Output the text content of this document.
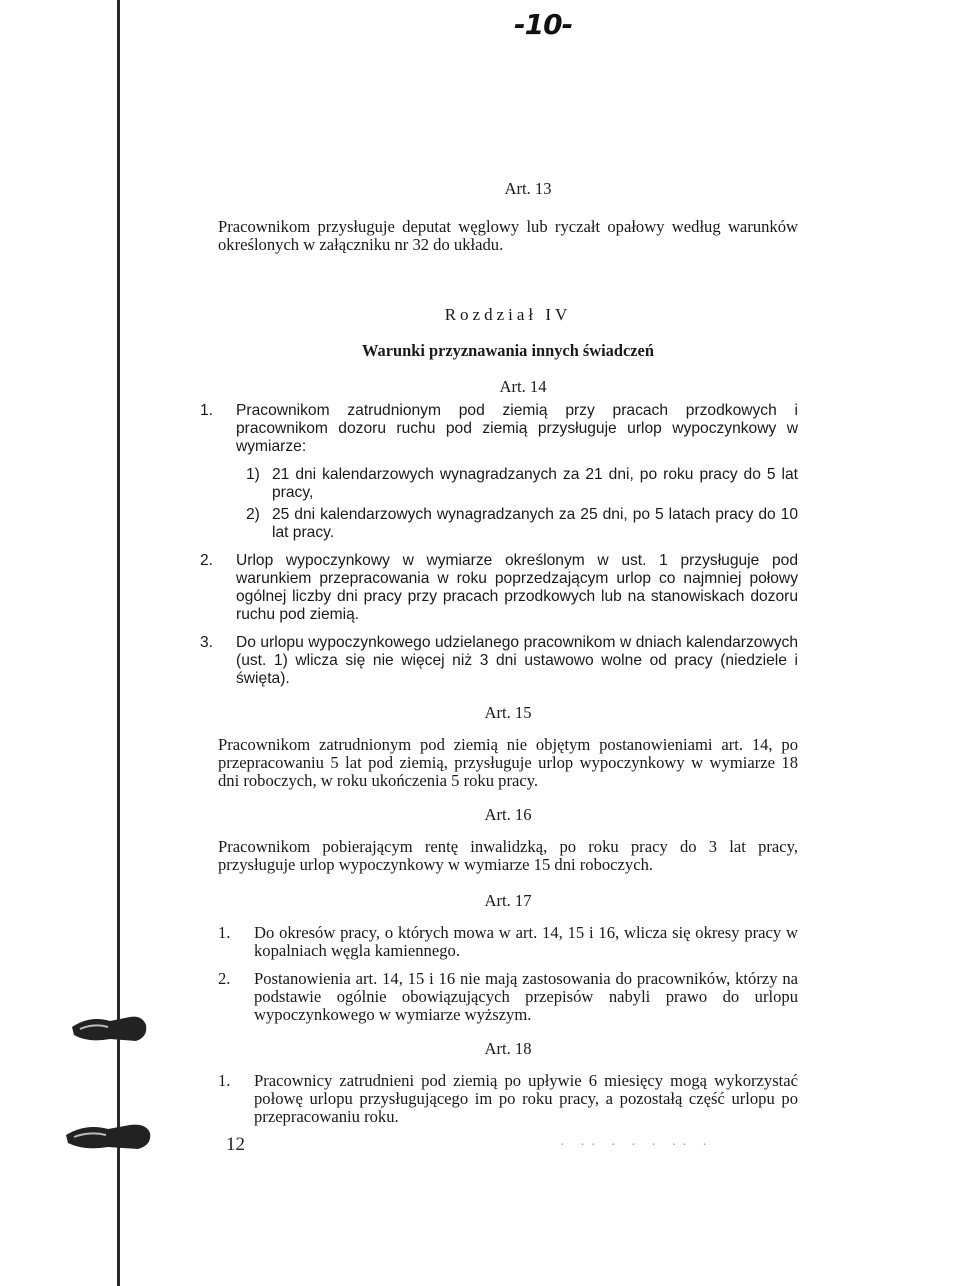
-10-
12	· ·· · · · ·· ·
Art. 13

Pracownikom przysługuje deputat węglowy lub ryczałt opałowy według warunków określonych w załączniku nr 32 do układu.

Rozdział IV
Warunki przyznawania innych świadczeń
Art. 14
1.	Pracownikom zatrudnionym pod ziemią przy pracach przodkowych i pracownikom dozoru ruchu pod ziemią przysługuje urlop wypoczynkowy w wymiarze:
1) 21 dni kalendarzowych wynagradzanych za 21 dni, po roku pracy do 5 lat pracy,
2) 25 dni kalendarzowych wynagradzanych za 25 dni, po 5 latach pracy do 10 lat pracy.
2.	Urlop wypoczynkowy w wymiarze określonym w ust. 1 przysługuje pod warunkiem przepracowania w roku poprzedzającym urlop co najmniej połowy ogólnej liczby dni pracy przy pracach przodkowych lub na stanowiskach dozoru ruchu pod ziemią.
3.	Do urlopu wypoczynkowego udzielanego pracownikom w dniach kalendarzowych (ust. 1) wlicza się nie więcej niż 3 dni ustawowo wolne od pracy (niedziele i święta).
Art. 15

Pracownikom zatrudnionym pod ziemią nie objętym postanowieniami art. 14, po przepracowaniu 5 lat pod ziemią, przysługuje urlop wypoczynkowy w wymiarze 18 dni roboczych, w roku ukończenia 5 roku pracy.

Art. 16

Pracownikom pobierającym rentę inwalidzką, po roku pracy do 3 lat pracy, przysługuje urlop wypoczynkowy w wymiarze 15 dni roboczych.

Art. 17
1.	Do okresów pracy, o których mowa w art. 14, 15 i 16, wlicza się okresy pracy w kopalniach węgla kamiennego.
2.	Postanowienia art. 14, 15 i 16 nie mają zastosowania do pracowników, którzy na podstawie ogólnie obowiązujących przepisów nabyli prawo do urlopu wypoczynkowego w wymiarze wyższym.
Art. 18
1.	Pracownicy zatrudnieni pod ziemią po upływie 6 miesięcy mogą wykorzystać połowę urlopu przysługującego im po roku pracy, a pozostałą część urlopu po przepracowaniu roku.
